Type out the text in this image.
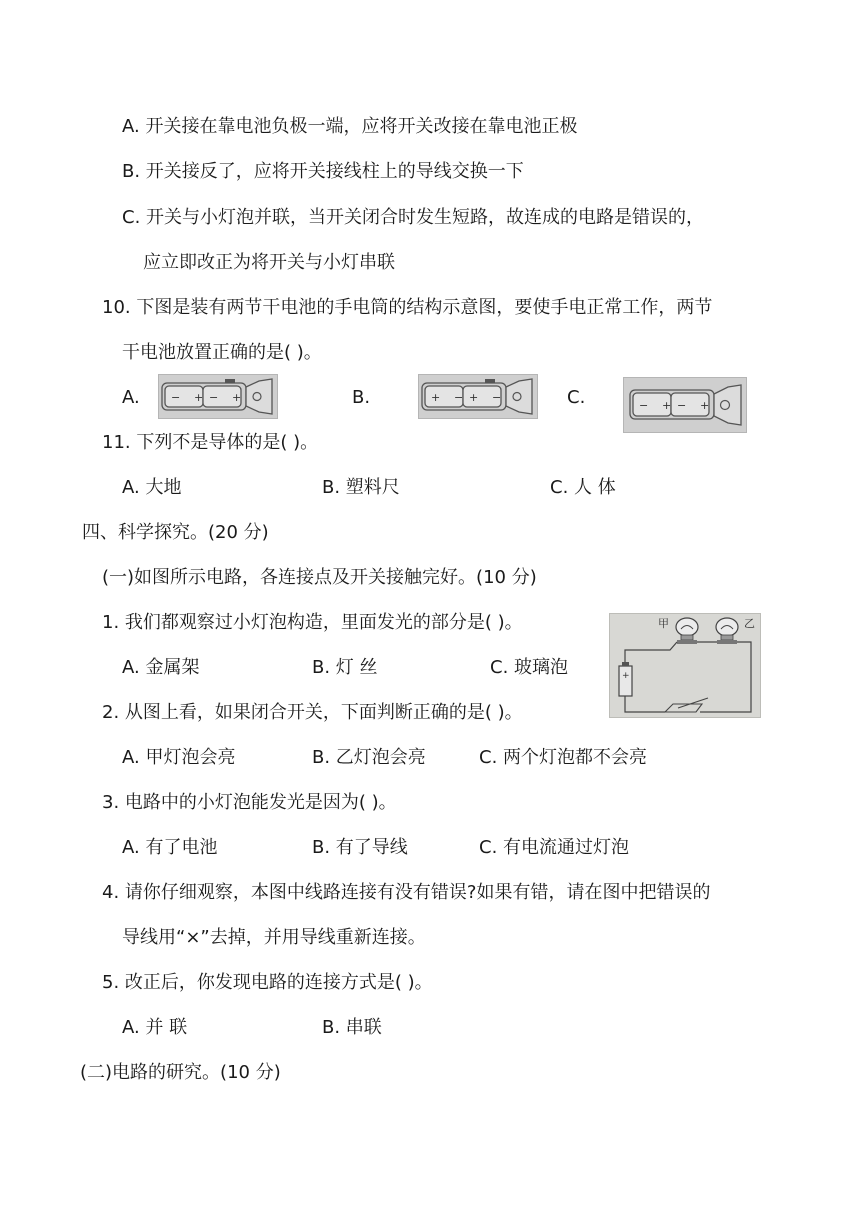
A. 开关接在靠电池负极一端，应将开关改接在靠电池正极
B. 开关接反了，应将开关接线柱上的导线交换一下
C. 开关与小灯泡并联，当开关闭合时发生短路，故连成的电路是错误的，
应立即改正为将开关与小灯串联
10. 下图是装有两节干电池的手电筒的结构示意图，要使手电正常工作，两节
干电池放置正确的是( )。
A.	− + − +	B.	+ − + −	C.	− + − +
11. 下列不是导体的是( )。
A. 大地	B. 塑料尺	C. 人 体
四、科学探究。(20 分)
(一)如图所示电路，各连接点及开关接触完好。(10 分)
1. 我们都观察过小灯泡构造，里面发光的部分是( )。
A. 金属架	B. 灯 丝	C. 玻璃泡
甲	乙
+
2. 从图上看，如果闭合开关，下面判断正确的是( )。
A. 甲灯泡会亮	B. 乙灯泡会亮	C. 两个灯泡都不会亮
3. 电路中的小灯泡能发光是因为( )。
A. 有了电池	B. 有了导线	C. 有电流通过灯泡
4. 请你仔细观察，本图中线路连接有没有错误?如果有错，请在图中把错误的
导线用“×”去掉，并用导线重新连接。
5. 改正后，你发现电路的连接方式是( )。
A. 并 联	B. 串联
(二)电路的研究。(10 分)
